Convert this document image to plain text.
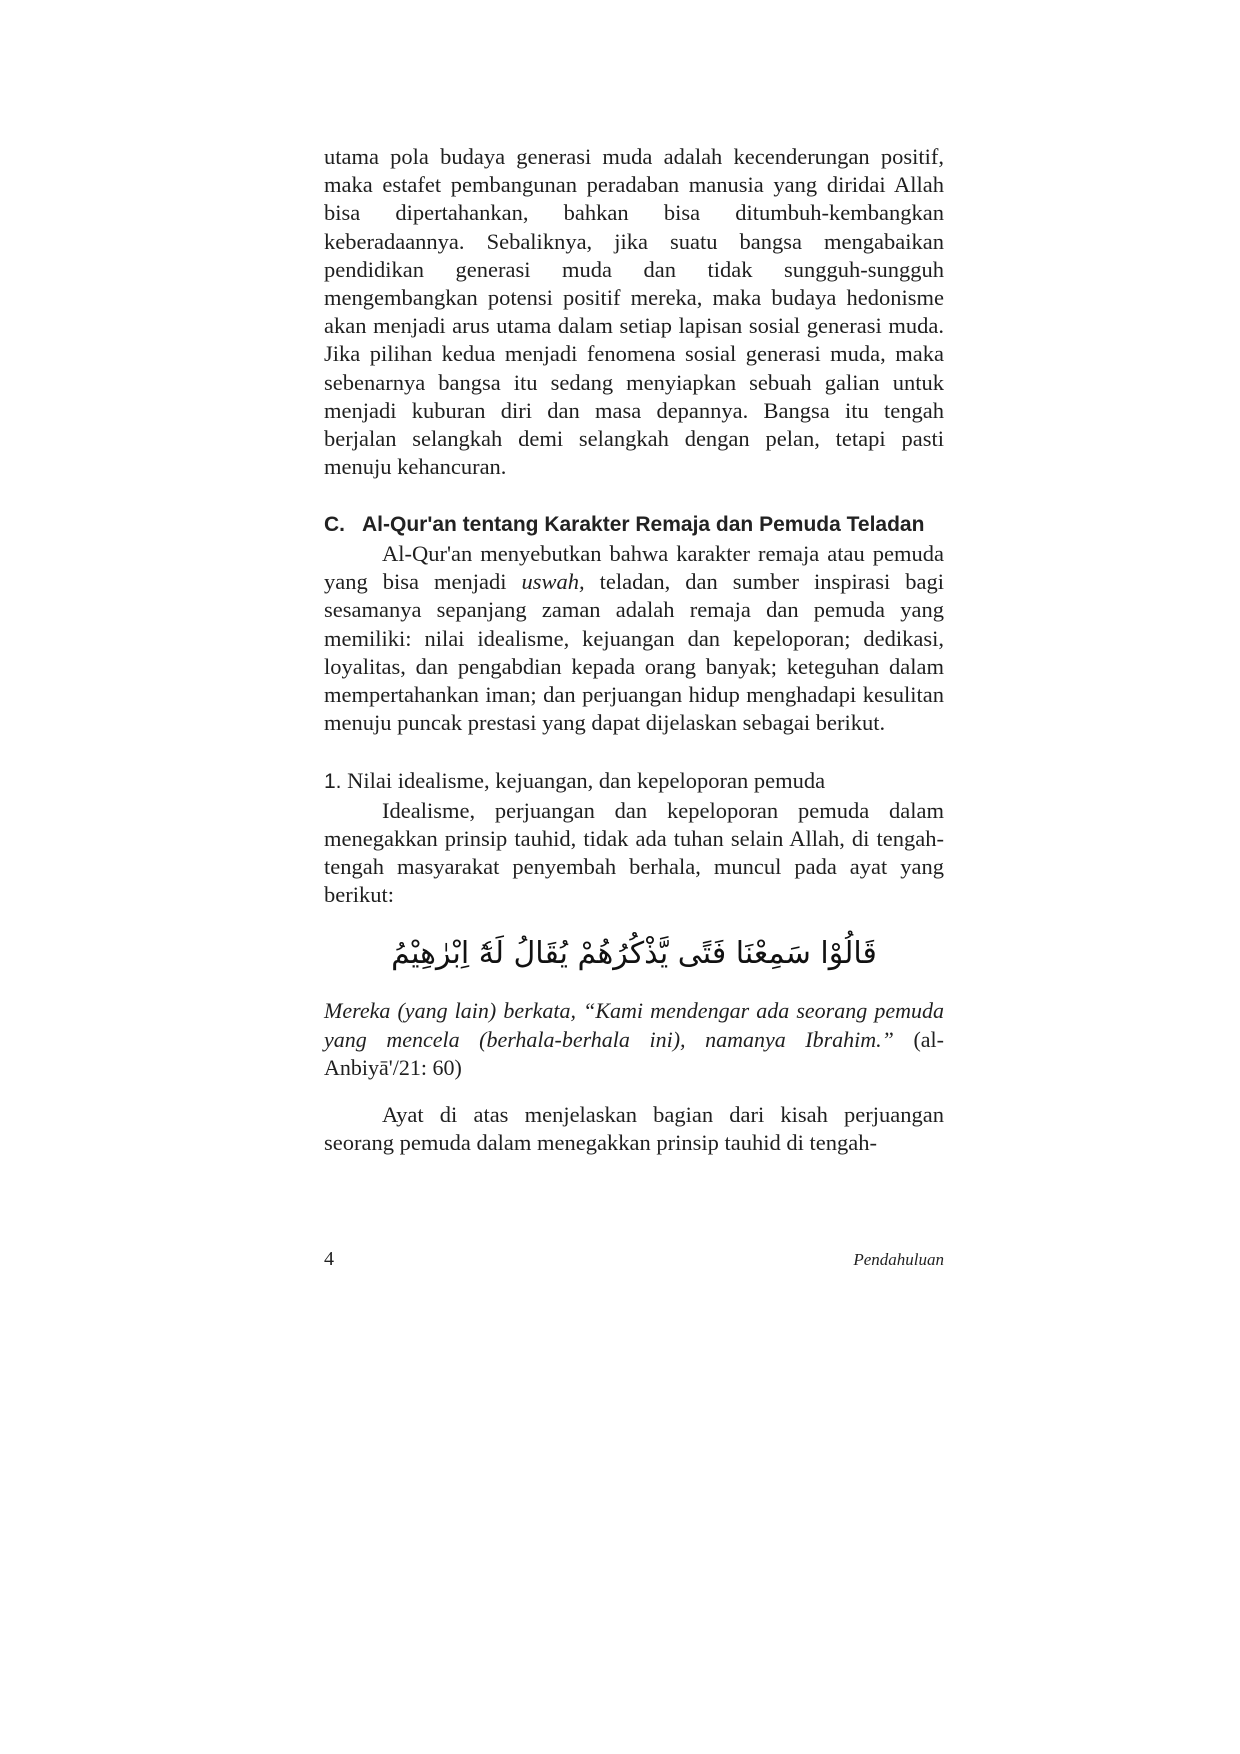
utama pola budaya generasi muda adalah kecenderungan positif, maka estafet pembangunan peradaban manusia yang diridai Allah bisa dipertahankan, bahkan bisa ditumbuh-kembangkan keberadaannya. Sebaliknya, jika suatu bangsa mengabaikan pendidikan generasi muda dan tidak sungguh-sungguh mengembangkan potensi positif mereka, maka budaya hedonisme akan menjadi arus utama dalam setiap lapisan sosial generasi muda. Jika pilihan kedua menjadi fenomena sosial generasi muda, maka sebenarnya bangsa itu sedang menyiapkan sebuah galian untuk menjadi kuburan diri dan masa depannya. Bangsa itu tengah berjalan selangkah demi selangkah dengan pelan, tetapi pasti menuju kehancuran.

C. Al-Qur'an tentang Karakter Remaja dan Pemuda Teladan

Al-Qur'an menyebutkan bahwa karakter remaja atau pemuda yang bisa menjadi uswah, teladan, dan sumber inspirasi bagi sesamanya sepanjang zaman adalah remaja dan pemuda yang memiliki: nilai idealisme, kejuangan dan kepeloporan; dedikasi, loyalitas, dan pengabdian kepada orang banyak; keteguhan dalam mempertahankan iman; dan perjuangan hidup menghadapi kesulitan menuju puncak prestasi yang dapat dijelaskan sebagai berikut.

1. Nilai idealisme, kejuangan, dan kepeloporan pemuda

Idealisme, perjuangan dan kepeloporan pemuda dalam menegakkan prinsip tauhid, tidak ada tuhan selain Allah, di tengah-tengah masyarakat penyembah berhala, muncul pada ayat yang berikut:

قَالُوْا سَمِعْنَا فَتًى يَّذْكُرُهُمْ يُقَالُ لَهٗٓ اِبْرٰهِيْمُ

Mereka (yang lain) berkata, “Kami mendengar ada seorang pemuda yang mencela (berhala-berhala ini), namanya Ibrahim.” (al-Anbiyā'/21: 60)

Ayat di atas menjelaskan bagian dari kisah perjuangan seorang pemuda dalam menegakkan prinsip tauhid di tengah-

4	Pendahuluan
